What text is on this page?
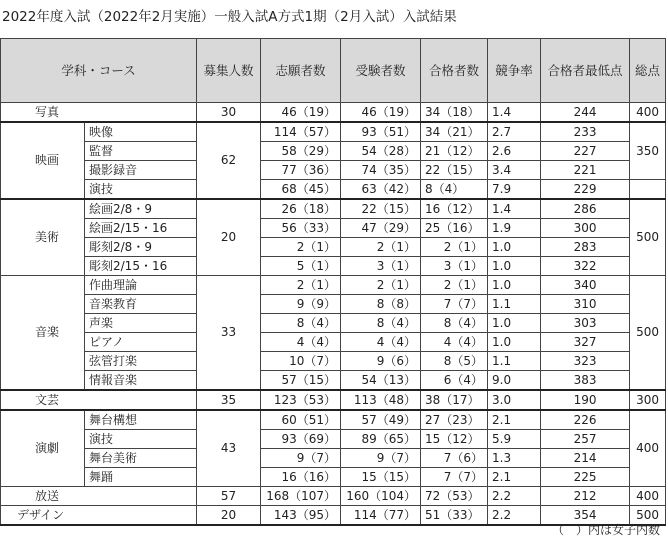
2022年度入試（2022年2月実施）一般入試A方式1期（2月入試）入試結果
学科・コース		募集人数	志願者数	受験者数	合格者数	競争率	合格者最低点	総点
写真		30	46（19）	46（19）	34（18）	1.4	244	400
映画	映像	62	114（57）	93（51）	34（21）	2.7	233	350
	監督		58（29）	54（28）	21（12）	2.6	227	
	撮影録音		77（36）	74（35）	22（15）	3.4	221	
	演技		68（45）	63（42）	8（4）	7.9	229	
美術	絵画2/8・9	20	26（18）	22（15）	16（12）	1.4	286	500
	絵画2/15・16		56（33）	47（29）	25（16）	1.9	300	
	彫刻2/8・9		2（1）	2（1）	2（1）	1.0	283	
	彫刻2/15・16		5（1）	3（1）	3（1）	1.0	322	
音楽	作曲理論	33	2（1）	2（1）	2（1）	1.0	340	500
	音楽教育		9（9）	8（8）	7（7）	1.1	310	
	声楽		8（4）	8（4）	8（4）	1.0	303	
	ピアノ		4（4）	4（4）	4（4）	1.0	327	
	弦管打楽		10（7）	9（6）	8（5）	1.1	323	
	情報音楽		57（15）	54（13）	6（4）	9.0	383	
文芸		35	123（53）	113（48）	38（17）	3.0	190	300
演劇	舞台構想	43	60（51）	57（49）	27（23）	2.1	226	400
	演技		93（69）	89（65）	15（12）	5.9	257	
	舞台美術		9（7）	9（7）	7（6）	1.3	214	
	舞踊		16（16）	15（15）	7（7）	2.1	225	
放送		57	168（107）	160（104）	72（53）	2.2	212	400
デザイン		20	143（95）	114（77）	51（33）	2.2	354	500
（　）内は女子内数
